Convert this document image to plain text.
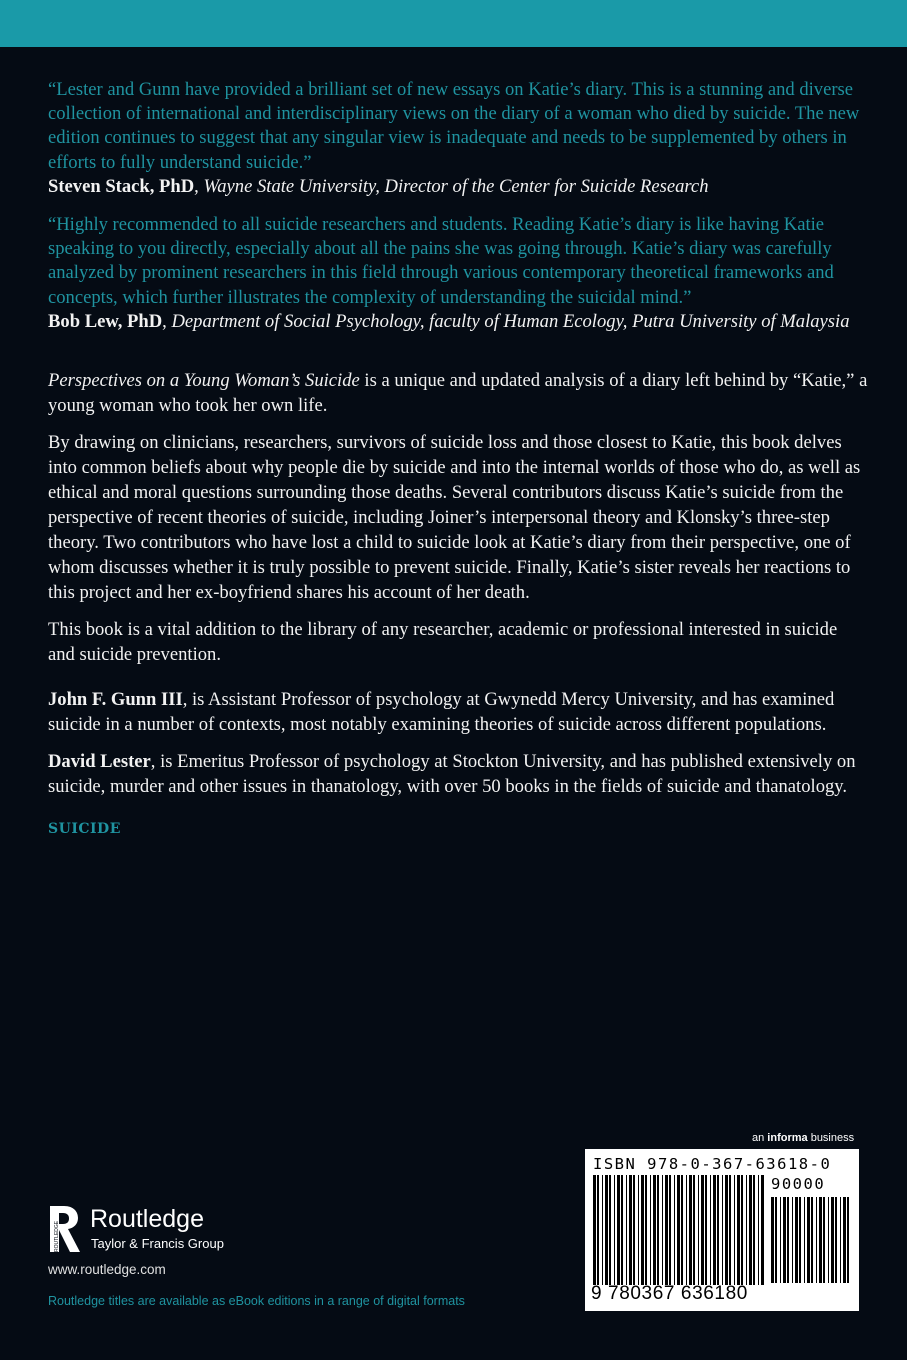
“Lester and Gunn have provided a brilliant set of new essays on Katie’s diary. This is a stunning and diverse collection of international and interdisciplinary views on the diary of a woman who died by suicide. The new edition continues to suggest that any singular view is inadequate and needs to be supplemented by others in efforts to fully understand suicide.”

Steven Stack, PhD, Wayne State University, Director of the Center for Suicide Research

“Highly recommended to all suicide researchers and students. Reading Katie’s diary is like having Katie speaking to you directly, especially about all the pains she was going through. Katie’s diary was carefully analyzed by prominent researchers in this field through various contemporary theoretical frameworks and concepts, which further illustrates the complexity of understanding the suicidal mind.”

Bob Lew, PhD, Department of Social Psychology, faculty of Human Ecology, Putra University of Malaysia

Perspectives on a Young Woman’s Suicide is a unique and updated analysis of a diary left behind by “Katie,” a young woman who took her own life.

By drawing on clinicians, researchers, survivors of suicide loss and those closest to Katie, this book delves into common beliefs about why people die by suicide and into the internal worlds of those who do, as well as ethical and moral questions surrounding those deaths. Several contributors discuss Katie’s suicide from the perspective of recent theories of suicide, including Joiner’s interpersonal theory and Klonsky’s three-step theory. Two contributors who have lost a child to suicide look at Katie’s diary from their perspective, one of whom discusses whether it is truly possible to prevent suicide. Finally, Katie’s sister reveals her reactions to this project and her ex-boyfriend shares his account of her death.

This book is a vital addition to the library of any researcher, academic or professional interested in suicide and suicide prevention.

John F. Gunn III, is Assistant Professor of psychology at Gwynedd Mercy University, and has examined suicide in a number of contexts, most notably examining theories of suicide across different populations.

David Lester, is Emeritus Professor of psychology at Stockton University, and has published extensively on suicide, murder and other issues in thanatology, with over 50 books in the fields of suicide and thanatology.

SUICIDE
an informa business
ISBN 978-0-367-63618-0
90000
9 780367 636180
ROUTLEDGE
Routledge
Taylor & Francis Group
www.routledge.com
Routledge titles are available as eBook editions in a range of digital formats
